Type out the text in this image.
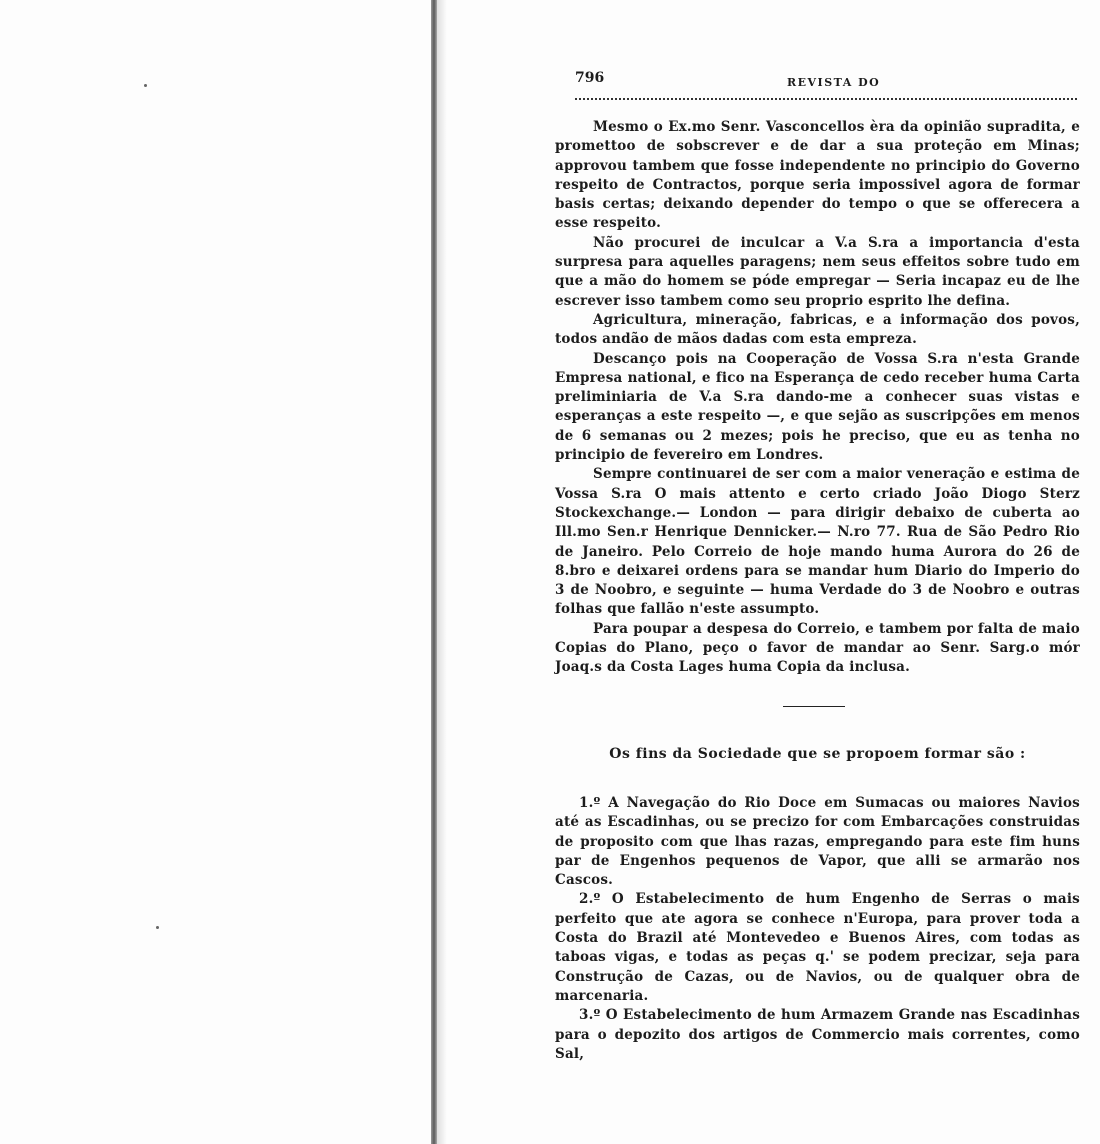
796	REVISTA DO

Mesmo o Ex.mo Senr. Vasconcellos èra da opinião supradita, e promettoo de sobscrever e de dar a sua proteção em Minas; approvou tambem que fosse independente no principio do Governo respeito de Contractos, porque seria impossivel agora de formar basis certas; deixando depender do tempo o que se offerecera a esse respeito.

Não procurei de inculcar a V.a S.ra a importancia d'esta surpresa para aquelles paragens; nem seus effeitos sobre tudo em que a mão do homem se póde empregar — Seria incapaz eu de lhe escrever isso tambem como seu proprio esprito lhe defina.

Agricultura, mineração, fabricas, e a informação dos povos, todos andão de mãos dadas com esta empreza.

Descanço pois na Cooperação de Vossa S.ra n'esta Grande Empresa national, e fico na Esperança de cedo receber huma Carta preliminiaria de V.a S.ra dando-me a conhecer suas vistas e esperanças a este respeito —, e que sejão as suscripções em menos de 6 semanas ou 2 mezes; pois he preciso, que eu as tenha no principio de fevereiro em Londres.

Sempre continuarei de ser com a maior veneração e estima de Vossa S.ra O mais attento e certo criado João Diogo Sterz Stockexchange.— London — para dirigir debaixo de cuberta ao Ill.mo Sen.r Henrique Dennicker.— N.ro 77. Rua de São Pedro Rio de Janeiro. Pelo Correio de hoje mando huma Aurora do 26 de 8.bro e deixarei ordens para se mandar hum Diario do Imperio do 3 de Noobro, e seguinte — huma Verdade do 3 de Noobro e outras folhas que fallão n'este assumpto.

Para poupar a despesa do Correio, e tambem por falta de maio Copias do Plano, peço o favor de mandar ao Senr. Sarg.o mór Joaq.s da Costa Lages huma Copia da inclusa.

Os fins da Sociedade que se propoem formar são :

1.º A Navegação do Rio Doce em Sumacas ou maiores Navios até as Escadinhas, ou se precizo for com Embarcações construidas de proposito com que lhas razas, empregando para este fim huns par de Engenhos pequenos de Vapor, que alli se armarão nos Cascos.

2.º O Estabelecimento de hum Engenho de Serras o mais perfeito que ate agora se conhece n'Europa, para prover toda a Costa do Brazil até Montevedeo e Buenos Aires, com todas as taboas vigas, e todas as peças q.' se podem precizar, seja para Construção de Cazas, ou de Navios, ou de qualquer obra de marcenaria.

3.º O Estabelecimento de hum Armazem Grande nas Escadinhas para o depozito dos artigos de Commercio mais correntes, como Sal,
